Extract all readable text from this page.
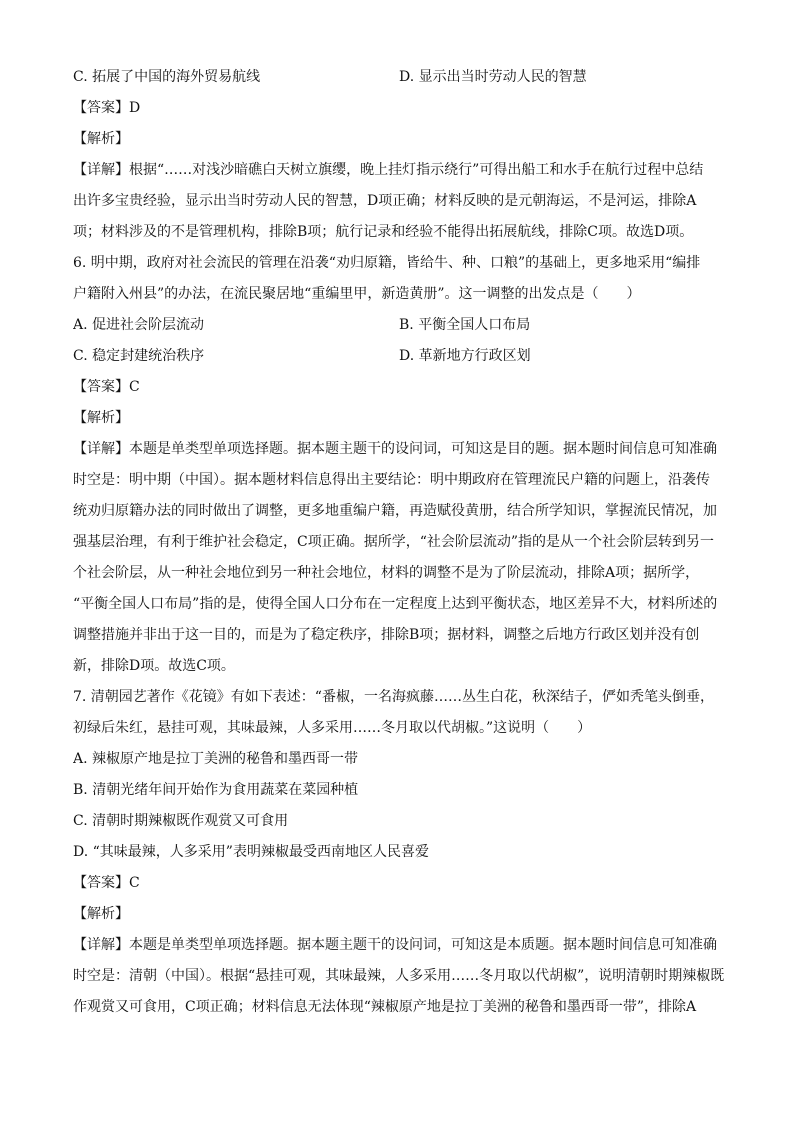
C. 拓展了中国的海外贸易航线	D. 显示出当时劳动人民的智慧
【答案】D
【解析】
【详解】根据“……对浅沙暗礁白天树立旗缨，晚上挂灯指示绕行”可得出船工和水手在航行过程中总结
出许多宝贵经验，显示出当时劳动人民的智慧，D项正确；材料反映的是元朝海运，不是河运，排除A
项；材料涉及的不是管理机构，排除B项；航行记录和经验不能得出拓展航线，排除C项。故选D项。
6. 明中期，政府对社会流民的管理在沿袭“劝归原籍，皆给牛、种、口粮”的基础上，更多地采用“编排
户籍附入州县”的办法，在流民聚居地“重编里甲，新造黄册”。这一调整的出发点是（　　）
A. 促进社会阶层流动	B. 平衡全国人口布局
C. 稳定封建统治秩序	D. 革新地方行政区划
【答案】C
【解析】
【详解】本题是单类型单项选择题。据本题主题干的设问词，可知这是目的题。据本题时间信息可知准确
时空是：明中期（中国）。据本题材料信息得出主要结论：明中期政府在管理流民户籍的问题上，沿袭传
统劝归原籍办法的同时做出了调整，更多地重编户籍，再造赋役黄册，结合所学知识，掌握流民情况，加
强基层治理，有利于维护社会稳定，C项正确。据所学，“社会阶层流动”指的是从一个社会阶层转到另一
个社会阶层，从一种社会地位到另一种社会地位，材料的调整不是为了阶层流动，排除A项；据所学，
“平衡全国人口布局”指的是，使得全国人口分布在一定程度上达到平衡状态，地区差异不大，材料所述的
调整措施并非出于这一目的，而是为了稳定秩序，排除B项；据材料，调整之后地方行政区划并没有创
新，排除D项。故选C项。
7. 清朝园艺著作《花镜》有如下表述：“番椒，一名海疯藤……丛生白花，秋深结子，俨如秃笔头倒垂，
初绿后朱红，悬挂可观，其味最辣，人多采用……冬月取以代胡椒。”这说明（　　）
A. 辣椒原产地是拉丁美洲的秘鲁和墨西哥一带
B. 清朝光绪年间开始作为食用蔬菜在菜园种植
C. 清朝时期辣椒既作观赏又可食用
D. “其味最辣，人多采用”表明辣椒最受西南地区人民喜爱
【答案】C
【解析】
【详解】本题是单类型单项选择题。据本题主题干的设问词，可知这是本质题。据本题时间信息可知准确
时空是：清朝（中国）。根据“悬挂可观，其味最辣，人多采用……冬月取以代胡椒”，说明清朝时期辣椒既
作观赏又可食用，C项正确；材料信息无法体现“辣椒原产地是拉丁美洲的秘鲁和墨西哥一带”，排除A
